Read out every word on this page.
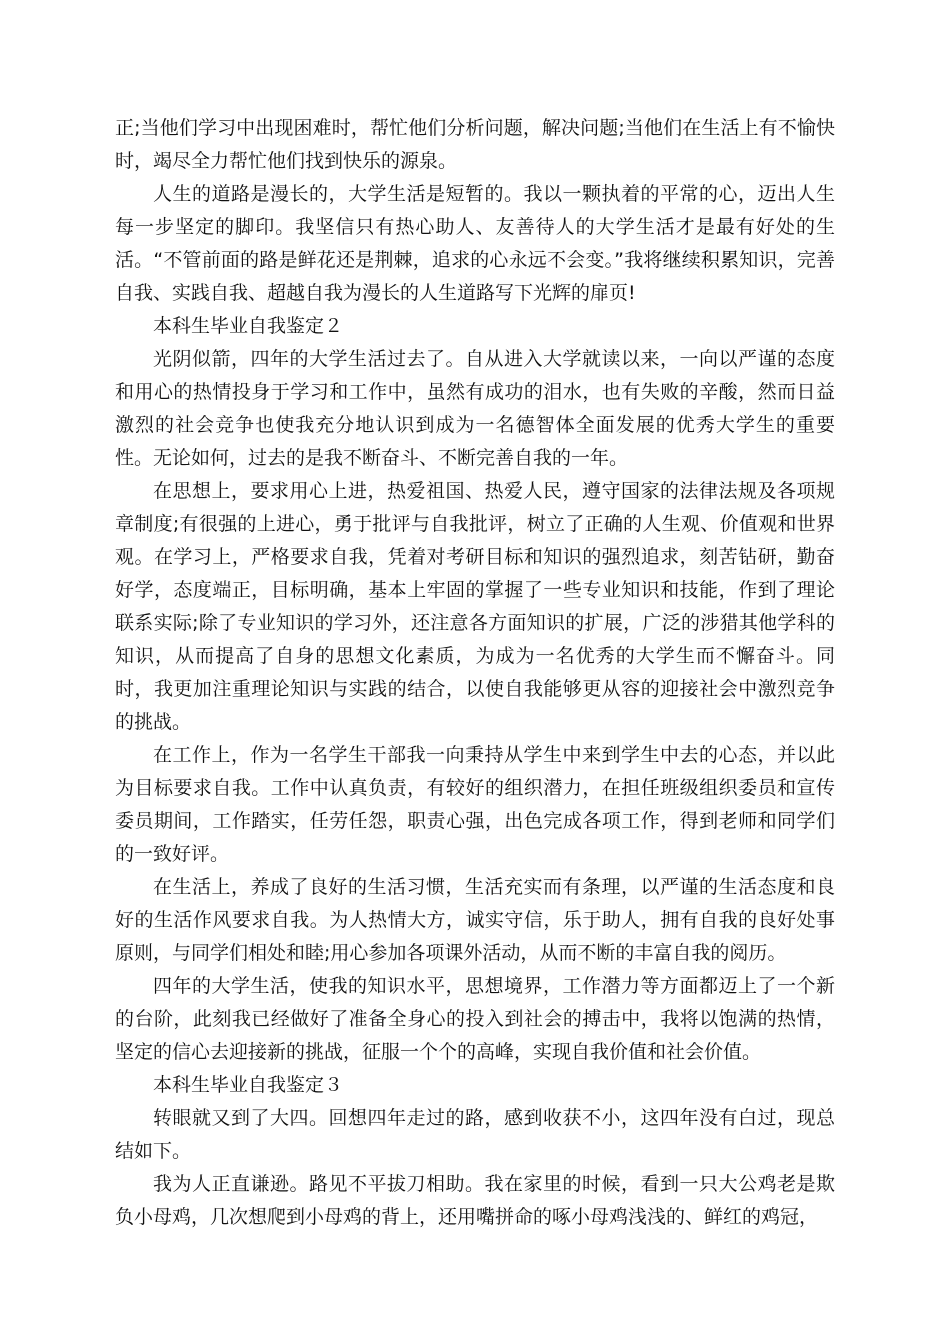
正;当他们学习中出现困难时，帮忙他们分析问题，解决问题;当他们在生活上有不愉快时，竭尽全力帮忙他们找到快乐的源泉。

人生的道路是漫长的，大学生活是短暂的。我以一颗执着的平常的心，迈出人生每一步坚定的脚印。我坚信只有热心助人、友善待人的大学生活才是最有好处的生活。“不管前面的路是鲜花还是荆棘，追求的心永远不会变。”我将继续积累知识，完善自我、实践自我、超越自我为漫长的人生道路写下光辉的扉页!

本科生毕业自我鉴定２

光阴似箭，四年的大学生活过去了。自从进入大学就读以来，一向以严谨的态度和用心的热情投身于学习和工作中，虽然有成功的泪水，也有失败的辛酸，然而日益激烈的社会竞争也使我充分地认识到成为一名德智体全面发展的优秀大学生的重要性。无论如何，过去的是我不断奋斗、不断完善自我的一年。

在思想上，要求用心上进，热爱祖国、热爱人民，遵守国家的法律法规及各项规章制度;有很强的上进心，勇于批评与自我批评，树立了正确的人生观、价值观和世界观。在学习上，严格要求自我，凭着对考研目标和知识的强烈追求，刻苦钻研，勤奋好学，态度端正，目标明确，基本上牢固的掌握了一些专业知识和技能，作到了理论联系实际;除了专业知识的学习外，还注意各方面知识的扩展，广泛的涉猎其他学科的知识，从而提高了自身的思想文化素质，为成为一名优秀的大学生而不懈奋斗。同时，我更加注重理论知识与实践的结合，以使自我能够更从容的迎接社会中激烈竞争的挑战。

在工作上，作为一名学生干部我一向秉持从学生中来到学生中去的心态，并以此为目标要求自我。工作中认真负责，有较好的组织潜力，在担任班级组织委员和宣传委员期间，工作踏实，任劳任怨，职责心强，出色完成各项工作，得到老师和同学们的一致好评。

在生活上，养成了良好的生活习惯，生活充实而有条理，以严谨的生活态度和良好的生活作风要求自我。为人热情大方，诚实守信，乐于助人，拥有自我的良好处事原则，与同学们相处和睦;用心参加各项课外活动，从而不断的丰富自我的阅历。

四年的大学生活，使我的知识水平，思想境界，工作潜力等方面都迈上了一个新的台阶，此刻我已经做好了准备全身心的投入到社会的搏击中，我将以饱满的热情，坚定的信心去迎接新的挑战，征服一个个的高峰，实现自我价值和社会价值。

本科生毕业自我鉴定３

转眼就又到了大四。回想四年走过的路，感到收获不小，这四年没有白过，现总结如下。

我为人正直谦逊。路见不平拔刀相助。我在家里的时候，看到一只大公鸡老是欺负小母鸡，几次想爬到小母鸡的背上，还用嘴拼命的啄小母鸡浅浅的、鲜红的鸡冠，
